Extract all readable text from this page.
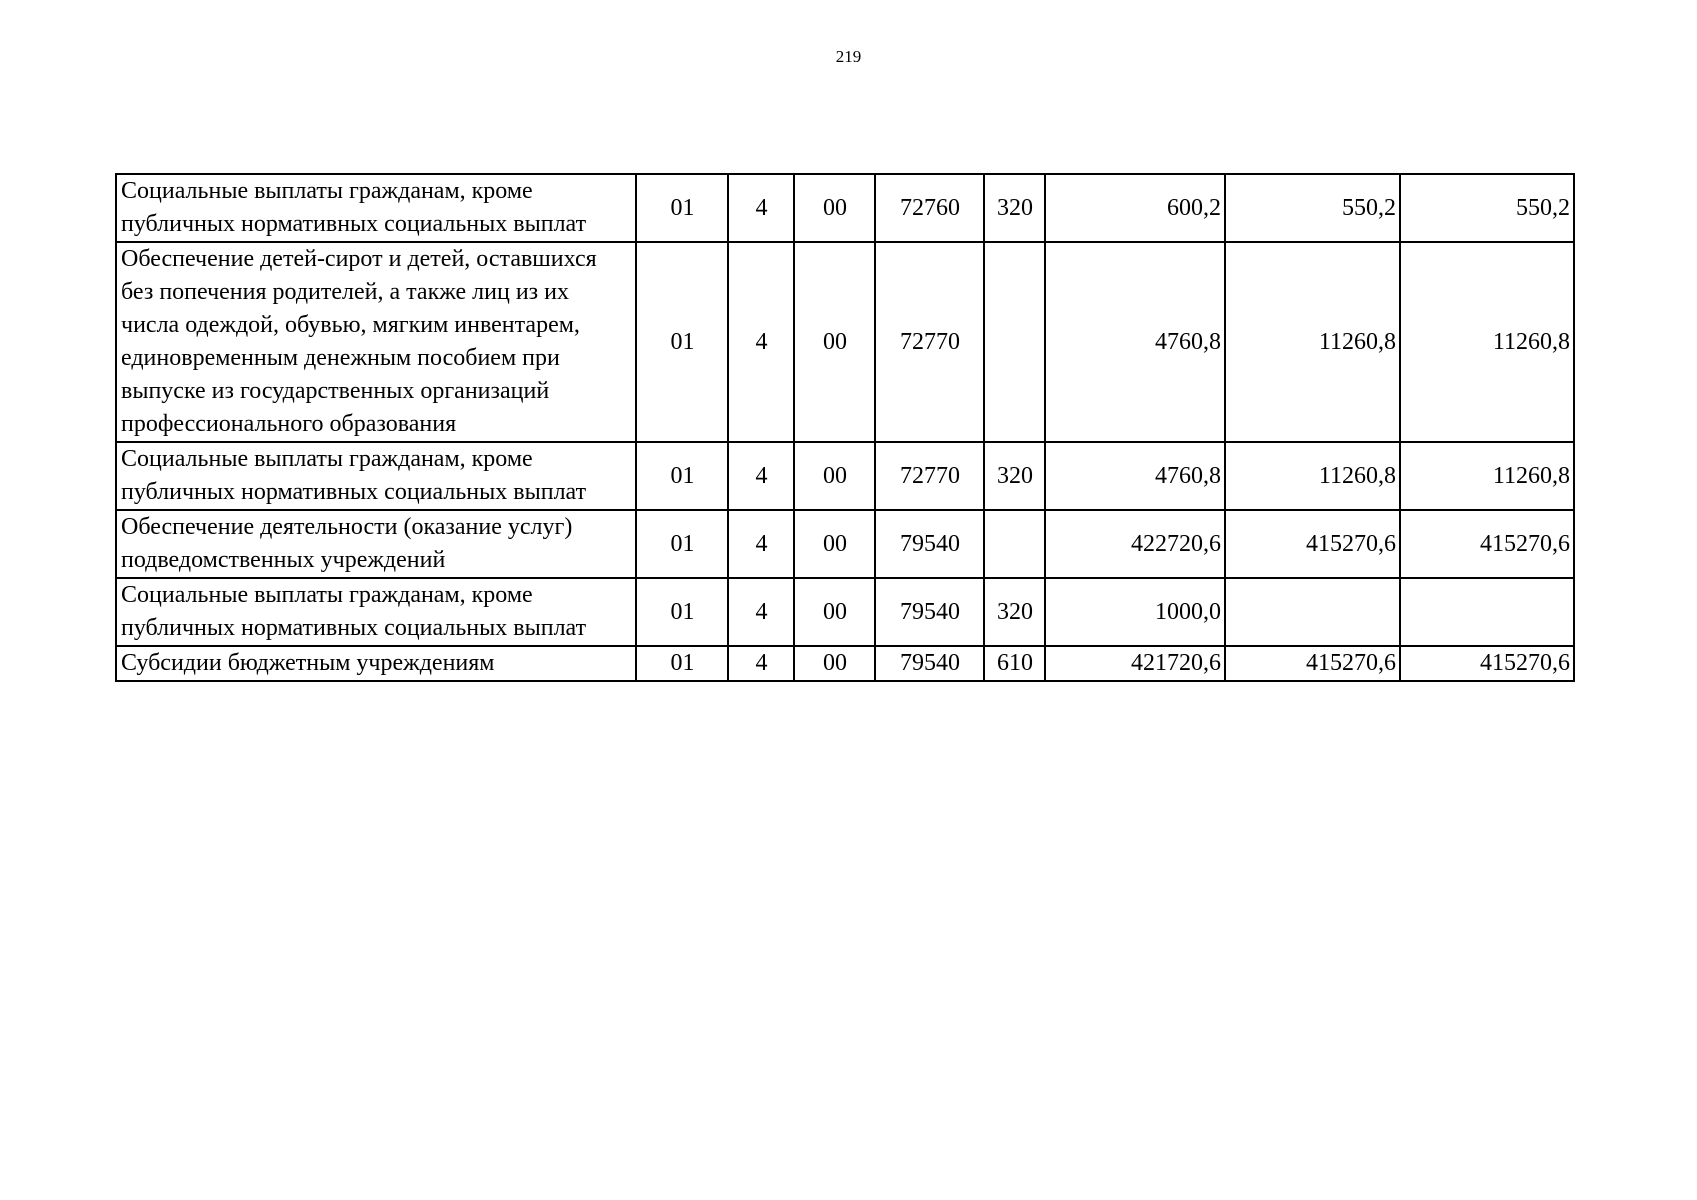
219
Социальные выплаты гражданам, кроме публичных нормативных социальных выплат	01	4	00	72760	320	600,2	550,2	550,2
Обеспечение детей-сирот и детей, оставшихся без попечения родителей, а также лиц из их числа одеждой, обувью, мягким инвентарем, единовременным денежным пособием при выпуске из государственных организаций профессионального образования	01	4	00	72770		4760,8	11260,8	11260,8
Социальные выплаты гражданам, кроме публичных нормативных социальных выплат	01	4	00	72770	320	4760,8	11260,8	11260,8
Обеспечение деятельности (оказание услуг) подведомственных учреждений	01	4	00	79540		422720,6	415270,6	415270,6
Социальные выплаты гражданам, кроме публичных нормативных социальных выплат	01	4	00	79540	320	1000,0		
Субсидии бюджетным учреждениям	01	4	00	79540	610	421720,6	415270,6	415270,6
